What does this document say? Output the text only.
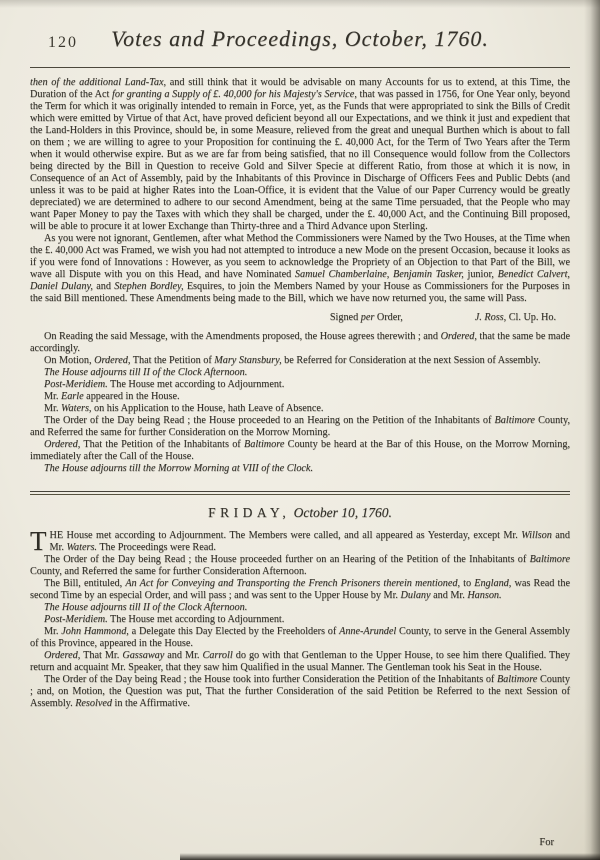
120	Votes and Proceedings, October, 1760.

then of the additional Land-Tax, and still think that it would be advisable on many Accounts for us to extend, at this Time, the Duration of the Act for granting a Supply of £. 40,000 for his Majesty's Service, that was passed in 1756, for One Year only, beyond the Term for which it was originally intended to remain in Force, yet, as the Funds that were appropriated to sink the Bills of Credit which were emitted by Virtue of that Act, have proved deficient beyond all our Expectations, and we think it just and expedient that the Land-Holders in this Province, should be, in some Measure, relieved from the great and unequal Burthen which is about to fall on them ; we are willing to agree to your Proposition for continuing the £. 40,000 Act, for the Term of Two Years after the Term when it would otherwise expire. But as we are far from being satisfied, that no ill Consequence would follow from the Collectors being directed by the Bill in Question to receive Gold and Silver Specie at different Ratio, from those at which it is now, in Consequence of an Act of Assembly, paid by the Inhabitants of this Province in Discharge of Officers Fees and Public Debts (and unless it was to be paid at higher Rates into the Loan-Office, it is evident that the Value of our Paper Currency would be greatly depreciated) we are determined to adhere to our second Amendment, being at the same Time persuaded, that the People who may want Paper Money to pay the Taxes with which they shall be charged, under the £. 40,000 Act, and the Continuing Bill proposed, will be able to procure it at lower Exchange than Thirty-three and a Third Advance upon Sterling.

As you were not ignorant, Gentlemen, after what Method the Commissioners were Named by the Two Houses, at the Time when the £. 40,000 Act was Framed, we wish you had not attempted to introduce a new Mode on the present Occasion, because it looks as if you were fond of Innovations : However, as you seem to acknowledge the Propriety of an Objection to that Part of the Bill, we wave all Dispute with you on this Head, and have Nominated Samuel Chamberlaine, Benjamin Tasker, junior, Benedict Calvert, Daniel Dulany, and Stephen Bordley, Esquires, to join the Members Named by your House as Commissioners for the Purposes in the said Bill mentioned. These Amendments being made to the Bill, which we have now returned you, the same will Pass.

Signed per Order,	J. Ross, Cl. Up. Ho.

On Reading the said Message, with the Amendments proposed, the House agrees therewith ; and Ordered, that the same be made accordingly.

On Motion, Ordered, That the Petition of Mary Stansbury, be Referred for Consideration at the next Session of Assembly.

The House adjourns till II of the Clock Afternoon.

Post-Meridiem. The House met according to Adjournment.

Mr. Earle appeared in the House.

Mr. Waters, on his Application to the House, hath Leave of Absence.

The Order of the Day being Read ; the House proceeded to an Hearing on the Petition of the Inhabitants of Baltimore County, and Referred the same for further Consideration on the Morrow Morning.

Ordered, That the Petition of the Inhabitants of Baltimore County be heard at the Bar of this House, on the Morrow Morning, immediately after the Call of the House.

The House adjourns till the Morrow Morning at VIII of the Clock.

FRIDAY, October 10, 1760.

T HE House met according to Adjournment. The Members were called, and all appeared as Yesterday, except Mr. Willson and Mr. Waters. The Proceedings were Read.

The Order of the Day being Read ; the House proceeded further on an Hearing of the Petition of the Inhabitants of Baltimore County, and Referred the same for further Consideration Afternoon.

The Bill, entituled, An Act for Conveying and Transporting the French Prisoners therein mentioned, to England, was Read the second Time by an especial Order, and will pass ; and was sent to the Upper House by Mr. Dulany and Mr. Hanson.

The House adjourns till II of the Clock Afternoon.

Post-Meridiem. The House met according to Adjournment.

Mr. John Hammond, a Delegate this Day Elected by the Freeholders of Anne-Arundel County, to serve in the General Assembly of this Province, appeared in the House.

Ordered, That Mr. Gassaway and Mr. Carroll do go with that Gentleman to the Upper House, to see him there Qualified. They return and acquaint Mr. Speaker, that they saw him Qualified in the usual Manner. The Gentleman took his Seat in the House.

The Order of the Day being Read ; the House took into further Consideration the Petition of the Inhabitants of Baltimore County ; and, on Motion, the Question was put, That the further Consideration of the said Petition be Referred to the next Session of Assembly. Resolved in the Affirmative.

For
